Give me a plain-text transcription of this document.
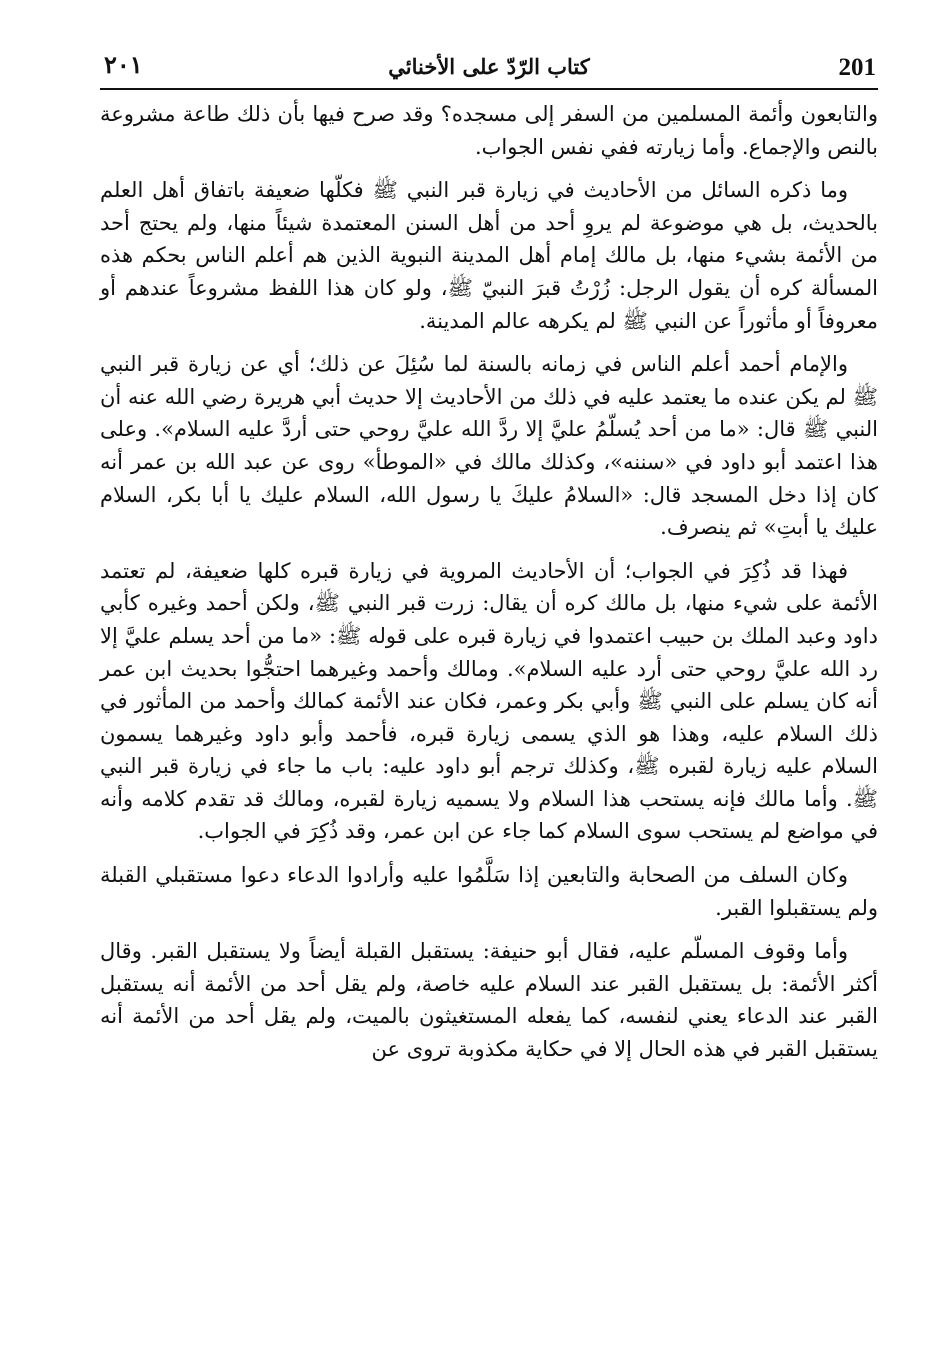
201
كتاب الرّدّ على الأخنائي
٢٠١

والتابعون وأئمة المسلمين من السفر إلى مسجده؟ وقد صرح فيها بأن ذلك طاعة مشروعة بالنص والإجماع. وأما زيارته ففي نفس الجواب.

وما ذكره السائل من الأحاديث في زيارة قبر النبي ﷺ فكلّها ضعيفة باتفاق أهل العلم بالحديث، بل هي موضوعة لم يروِ أحد من أهل السنن المعتمدة شيئاً منها، ولم يحتج أحد من الأئمة بشيء منها، بل مالك إمام أهل المدينة النبوية الذين هم أعلم الناس بحكم هذه المسألة كره أن يقول الرجل: زُرْتُ قبرَ النبيّ ﷺ، ولو كان هذا اللفظ مشروعاً عندهم أو معروفاً أو مأثوراً عن النبي ﷺ لم يكرهه عالم المدينة.

والإمام أحمد أعلم الناس في زمانه بالسنة لما سُئِلَ عن ذلك؛ أي عن زيارة قبر النبي ﷺ لم يكن عنده ما يعتمد عليه في ذلك من الأحاديث إلا حديث أبي هريرة رضي الله عنه أن النبي ﷺ قال: «ما من أحد يُسلّمُ عليَّ إلا ردَّ الله عليَّ روحي حتى أردَّ عليه السلام». وعلى هذا اعتمد أبو داود في «سننه»، وكذلك مالك في «الموطأ» روى عن عبد الله بن عمر أنه كان إذا دخل المسجد قال: «السلامُ عليكَ يا رسول الله، السلام عليك يا أبا بكر، السلام عليك يا أبتِ» ثم ينصرف.

فهذا قد ذُكِرَ في الجواب؛ أن الأحاديث المروية في زيارة قبره كلها ضعيفة، لم تعتمد الأئمة على شيء منها، بل مالك كره أن يقال: زرت قبر النبي ﷺ، ولكن أحمد وغيره كأبي داود وعبد الملك بن حبيب اعتمدوا في زيارة قبره على قوله ﷺ: «ما من أحد يسلم عليَّ إلا رد الله عليَّ روحي حتى أرد عليه السلام». ومالك وأحمد وغيرهما احتجُّوا بحديث ابن عمر أنه كان يسلم على النبي ﷺ وأبي بكر وعمر، فكان عند الأئمة كمالك وأحمد من المأثور في ذلك السلام عليه، وهذا هو الذي يسمى زيارة قبره، فأحمد وأبو داود وغيرهما يسمون السلام عليه زيارة لقبره ﷺ، وكذلك ترجم أبو داود عليه: باب ما جاء في زيارة قبر النبي ﷺ. وأما مالك فإنه يستحب هذا السلام ولا يسميه زيارة لقبره، ومالك قد تقدم كلامه وأنه في مواضع لم يستحب سوى السلام كما جاء عن ابن عمر، وقد ذُكِرَ في الجواب.

وكان السلف من الصحابة والتابعين إذا سَلَّمُوا عليه وأرادوا الدعاء دعوا مستقبلي القبلة ولم يستقبلوا القبر.

وأما وقوف المسلّم عليه، فقال أبو حنيفة: يستقبل القبلة أيضاً ولا يستقبل القبر. وقال أكثر الأئمة: بل يستقبل القبر عند السلام عليه خاصة، ولم يقل أحد من الأئمة أنه يستقبل القبر عند الدعاء يعني لنفسه، كما يفعله المستغيثون بالميت، ولم يقل أحد من الأئمة أنه يستقبل القبر في هذه الحال إلا في حكاية مكذوبة تروى عن
